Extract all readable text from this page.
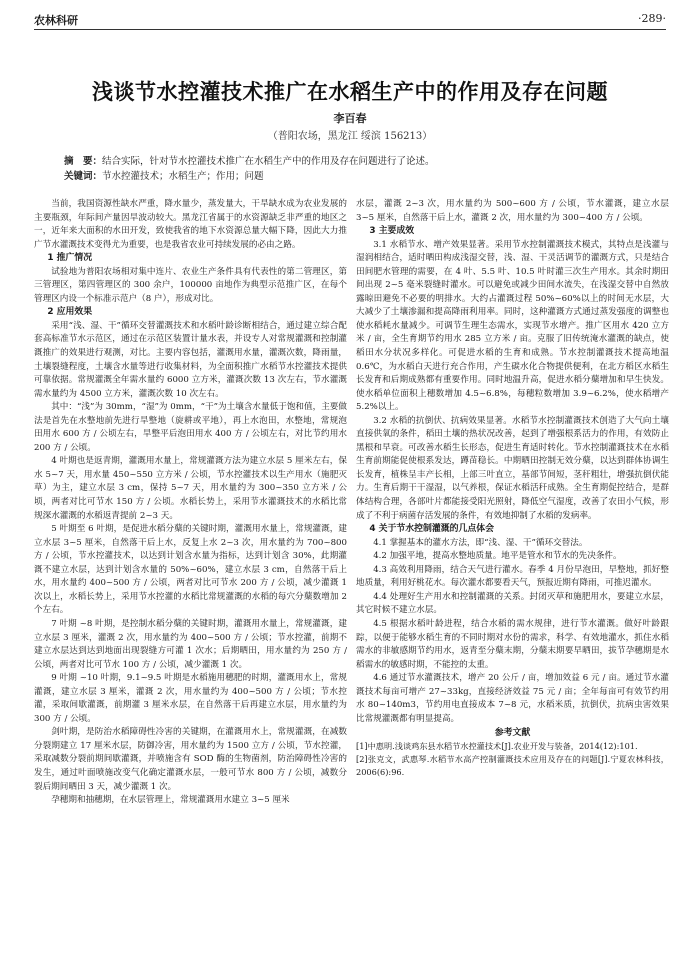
农林科研	·289·
浅谈节水控灌技术推广在水稻生产中的作用及存在问题
李百春
（普阳农场，黑龙江 绥滨 156213）
摘　要：结合实际，针对节水控灌技术推广在水稻生产中的作用及存在问题进行了论述。
关键词：节水控灌技术；水稻生产；作用；问题

当前，我国资源性缺水严重，降水量少，蒸发量大，干旱缺水成为农业发展的主要瓶颈，年际间产量因旱波动较大。黑龙江省属于的水资源缺乏非严重的地区之一，近年来大面积的水田开发，致使我省的地下水资源总量大幅下降，因此大力推广节水灌溉技术变得尤为重要，也是我省农业可持续发展的必由之路。

1 推广情况

试验地为普阳农场相对集中连片、农业生产条件具有代表性的第二管理区，第三管理区，第四管理区的 300 余户，100000 亩地作为典型示范推广区，在每个管理区内设一个标准示范户（8 户），形成对比。

2 应用效果

采用“浅、湿、干”循环交替灌溉技术和水稻叶龄诊断相结合，通过建立综合配套高标准节水示范区，通过在示范区装置计量水表，并设专人对常规灌溉和控制灌溉推广的效果进行观测，对比。主要内容包括，灌溉用水量，灌溉次数，降雨量，土壤裂缝程度，土壤含水量等进行收集材料，为全面积推广水稻节水控灌技术提供可靠依据。常规灌溉全年需水量约 6000 立方米，灌溉次数 13 次左右，节水灌溉需水量约为 4500 立方米，灌溉次数 10 次左右。

其中：“浅”为 30mm，“湿”为 0mm，“干”为土壤含水量低于饱和值，主要做法是首先在水整地前先进行旱整地（旋耕或平地），再上水泡田，水整地，常规泡田用水 600 方 / 公顷左右，旱整平后泡田用水 400 方 / 公顷左右，对比节约用水 200 方 / 公顷。

4 叶期也是返青期，灌溉用水量上，常规灌溉方法为建立水层 5 厘米左右，保水 5~7 天，用水量 450~550 立方米 / 公顷，节水控灌技术以生产用水（施肥灭草）为主，建立水层 3 cm，保持 5~7 天，用水量约为 300~350 立方米 / 公顷，两者对比可节水 150 方 / 公顷。水稻长势上，采用节水灌溉技术的水稻比常规深水灌溉的水稻返青提前 2~3 天。

5 叶期至 6 叶期，是促进水稻分蘖的关键时期，灌溉用水量上，常规灌溉，建立水层 3~5 厘米，自然落干后上水，反复上水 2~3 次，用水量约为 700~800 方 / 公顷，节水控灌技术，以达到计划含水量为指标，达到计划含 30%，此期灌溉不建立水层，达到计划含水量的 50%~60%，建立水层 3 cm，自然落干后上水，用水量约 400~500 方 / 公顷，两者对比可节水 200 方 / 公顷，减少灌溉 1 次以上，水稻长势上，采用节水控灌的水稻比常规灌溉的水稻的每穴分蘖数增加 2 个左右。

7 叶期 ~8 叶期，是控制水稻分蘖的关键时期，灌溉用水量上，常规灌溉，建立水层 3 厘米，灌溉 2 次，用水量约为 400~500 方 / 公顷；节水控灌，前期不建立水层达到达到地面出现裂缝方可灌 1 次水；后期晒田，用水量约为 250 方 / 公顷，两者对比可节水 100 方 / 公顷，减少灌溉 1 次。

9 叶期 ~10 叶期，9.1~9.5 叶期是水稻施用穗肥的时期，灌溉用水上，常规灌溉，建立水层 3 厘米，灌溉 2 次，用水量约为 400~500 方 / 公顷；节水控灌，采取间歇灌溉，前期灌 3 厘米水层，在自然落干后再建立水层，用水量约为 300 方 / 公顷。

剑叶期，是防治水稻障碍性冷害的关键期，在灌溉用水上，常规灌溉，在减数分裂期建立 17 厘米水层，防御冷害，用水量约为 1500 立方 / 公顷，节水控灌，采取减数分裂前期间歇灌溉，并喷施含有 SOD 酶的生物菌剂，防治障碍性冷害的发生，通过叶面喷施改变气化确定灌溉水层，一般可节水 800 方 / 公顷，减数分裂后期间晒田 3 天，减少灌溉 1 次。

孕穗期和抽穗期，在水层管理上，常规灌溉用水建立 3~5 厘米

水层，灌溉 2~3 次，用水量约为 500~600 方 / 公顷，节水灌溉，建立水层 3~5 厘米，自然落干后上水，灌溉 2 次，用水量约为 300~400 方 / 公顷。

3 主要成效

3.1 水稻节水、增产效果显著。采用节水控制灌溉技术模式，其特点是浅灌与湿润相结合，适时晒田构成浅湿交替，浅、湿、干灵活调节的灌溉方式，只是结合田间肥水管理的需要，在 4 叶、5.5 叶、10.5 叶时灌三次生产用水。其余时期田间出现 2~5 毫米裂缝时灌水。可以避免或减少田间水流失，在浅湿交替中自然放露晾田避免不必要的明排水。大约占灌溉过程 50%~60%以上的时间无水层，大大减少了土壤渗漏和提高降雨利用率。同时，这种灌溉方式通过蒸发强度的调整也使水稻耗水量减少。可调节生理生态需水，实现节水增产。推广区用水 420 立方米 / 亩，全生育期节约用水 285 立方米 / 亩。克服了旧传统淹水灌溉的缺点，使稻田水分状况多样化。可促进水稻的生育和成熟。节水控制灌溉技术提高地温 0.6℃，为水稻白天进行充合作用，产生碳水化合物提供便利，在北方稻区水稻生长发育和后期成熟都有重要作用。同时地温升高，促进水稻分蘖增加和早生快发。使水稻单位面积上穗数增加 4.5~6.8%，每穗粒数增加 3.9~6.2%，使水稻增产 5.2%以上。

3.2 水稻的抗倒伏、抗病效果显著。水稻节水控制灌溉技术创造了大气向土壤直接供氧的条件，稻田土壤的热状况改善，起到了增强根系活力的作用，有效防止黑根和早衰。可改善水稻生长形态，促进生育适时转化。节水控制灌溉技术在水稻生育前期能促使根系发达，蹲苗稳长。中期晒田控制无效分蘖，以达到群体协调生长发育，植株呈丰产长相，上部三叶直立，基部节间短，茎秆粗壮，增强抗倒伏能力。生育后期干干湿湿，以气养根，保证水稻活秆成熟。全生育期促控结合，是群体结构合理，各部叶片都能接受阳光照射，降低空气湿度，改善了农田小气候，形成了不利于病菌存活发展的条件，有效地抑制了水稻的发病率。

4 关于节水控制灌溉的几点体会

4.1 掌握基本的灌水方法，即“浅、湿、干”循环交替法。

4.2 加强平地，提高水整地质量。地平是管水和节水的先决条件。

4.3 高效利用降雨，结合天气进行灌水。春季 4 月份早泡田，早整地，抓好整地质量，利用好桃花水。每次灌水都要看天气，预报近期有降雨，可推迟灌水。

4.4 处理好生产用水和控制灌溉的关系。封闭灭草和施肥用水，要建立水层，其它时候不建立水层。

4.5 根据水稻叶龄进程，结合水稻的需水规律，进行节水灌溉。做好叶龄跟踪，以便于能够水稻生育的不同时期对水份的需求，科学、有效地灌水，抓住水稻需水的非敏感期节约用水，返青至分蘖末期，分蘖末期要早晒田，拔节孕穗期是水稻需水的敏感时期，不能控的太重。

4.6 通过节水灌溉技术，增产 20 公斤 / 亩，增加效益 6 元 / 亩。通过节水灌溉技术每亩可增产 27~33kg，直接经济效益 75 元 / 亩；全年每亩可有效节约用水 80~140m3，节约用电直接成本 7~8 元，水稻米质，抗倒伏，抗病虫害效果比常规灌溉都有明显提高。

参考文献

[1]中惠明.浅谈鸡东县水稻节水控灌技术[J].农业开发与装备，2014(12):101.

[2]张克文，武惠琴.水稻节水高产控制灌溉技术应用及存在的问题[J].宁夏农林科技，2006(6):96.
